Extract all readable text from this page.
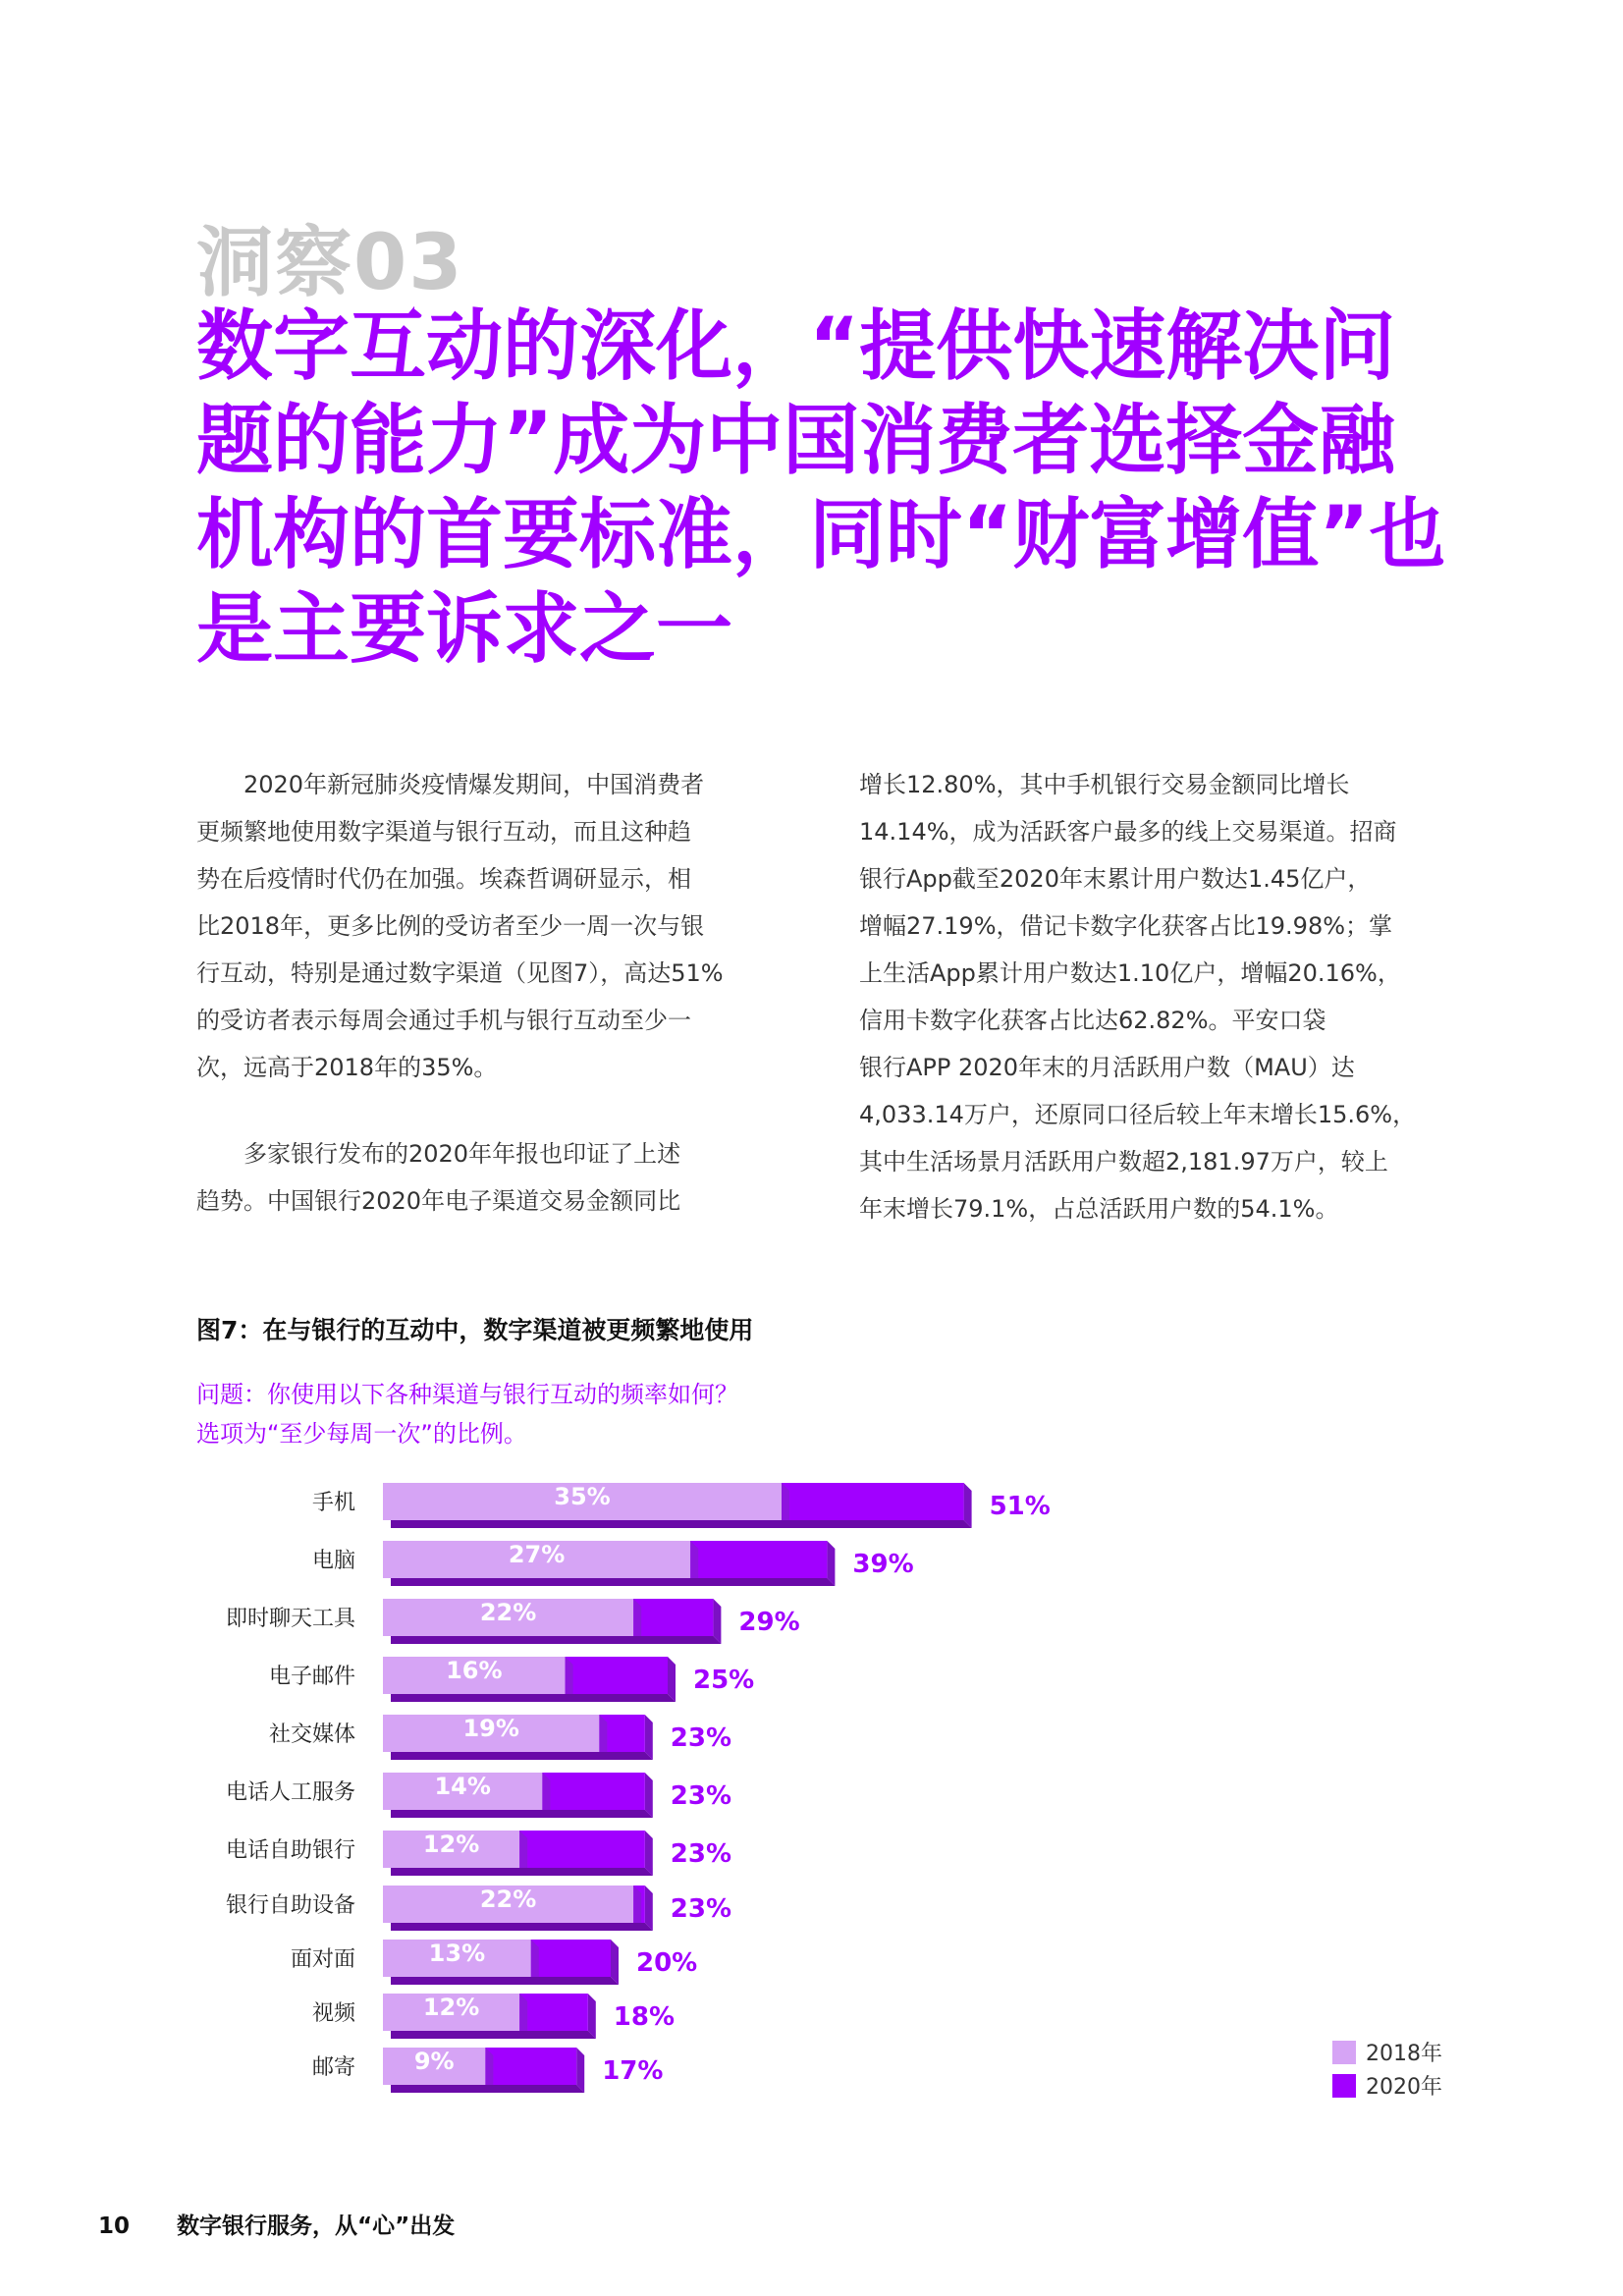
洞察03
数字互动的深化，“提供快速解决问
题的能力”成为中国消费者选择金融
机构的首要标准，同时“财富增值”也
是主要诉求之一

　　2020年新冠肺炎疫情爆发期间，中国消费者
更频繁地使用数字渠道与银行互动，而且这种趋
势在后疫情时代仍在加强。埃森哲调研显示，相
比2018年，更多比例的受访者至少一周一次与银
行互动，特别是通过数字渠道（见图7），高达51%
的受访者表示每周会通过手机与银行互动至少一
次，远高于2018年的35%。

　　多家银行发布的2020年年报也印证了上述
趋势。中国银行2020年电子渠道交易金额同比

增长12.80%，其中手机银行交易金额同比增长
14.14%，成为活跃客户最多的线上交易渠道。招商
银行App截至2020年末累计用户数达1.45亿户，
增幅27.19%，借记卡数字化获客占比19.98%；掌
上生活App累计用户数达1.10亿户，增幅20.16%，
信用卡数字化获客占比达62.82%。平安口袋
银行APP 2020年末的月活跃用户数（MAU）达
4,033.14万户，还原同口径后较上年末增长15.6%，
其中生活场景月活跃用户数超2,181.97万户，较上
年末增长79.1%，占总活跃用户数的54.1%。

图7：在与银行的互动中，数字渠道被更频繁地使用
问题：你使用以下各种渠道与银行互动的频率如何？
选项为“至少每周一次”的比例。
手机	35%	51%
电脑	27%	39%
即时聊天工具	22%	29%
电子邮件	16%	25%
社交媒体	19%	23%
电话人工服务	14%	23%
电话自助银行	12%	23%
银行自助设备	22%	23%
面对面	13%	20%
视频	12%	18%
邮寄 9%	17%
2018年
2020年
10 数字银行服务，从“心”出发
